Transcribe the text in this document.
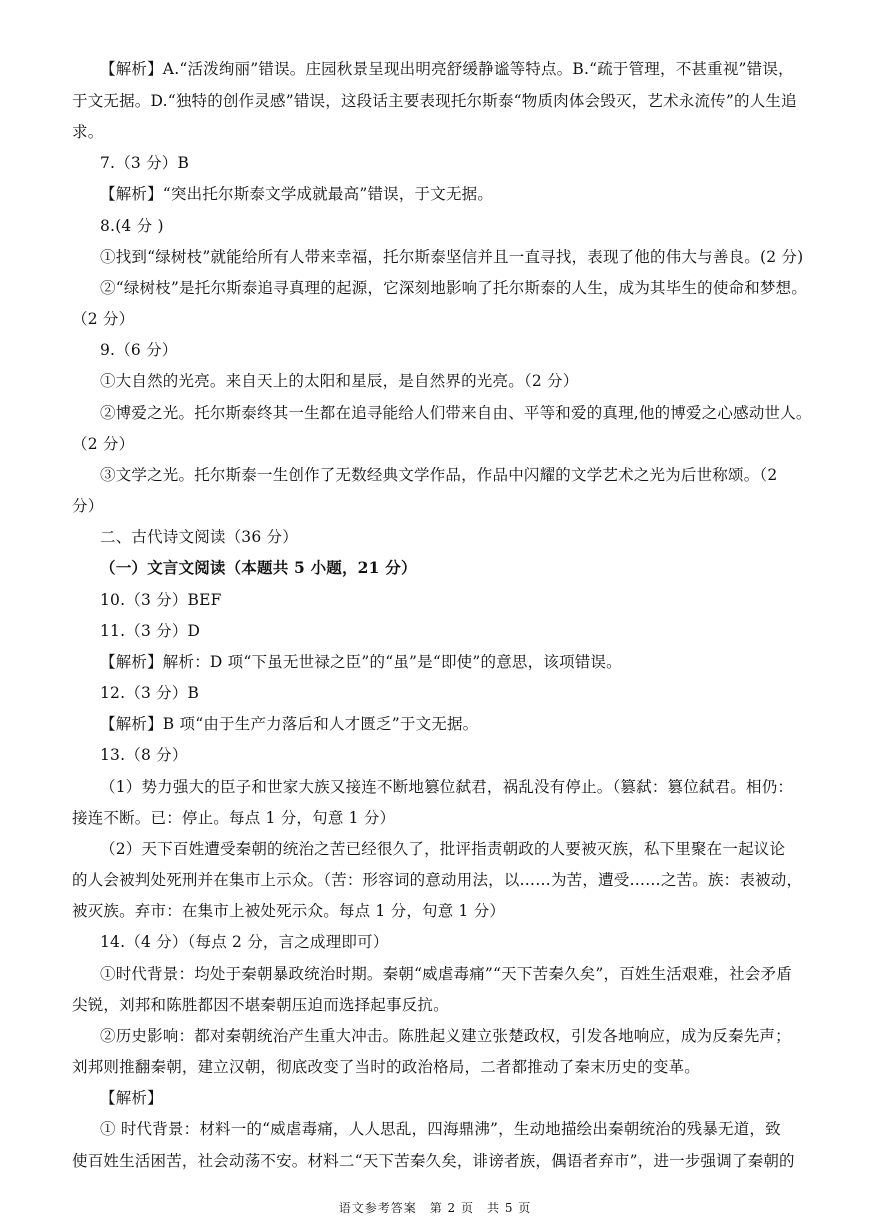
【解析】A.“活泼绚丽”错误。庄园秋景呈现出明亮舒缓静谧等特点。B.“疏于管理，不甚重视”错误，
于文无据。D.“独特的创作灵感”错误，这段话主要表现托尔斯泰“物质肉体会毁灭，艺术永流传”的人生追
求。
7.（3 分）B
【解析】“突出托尔斯泰文学成就最高”错误，于文无据。
8.(4 分 )
①找到“绿树枝”就能给所有人带来幸福，托尔斯泰坚信并且一直寻找，表现了他的伟大与善良。(2 分)
②“绿树枝”是托尔斯泰追寻真理的起源，它深刻地影响了托尔斯泰的人生，成为其毕生的使命和梦想。
（2 分）
9.（6 分）
①大自然的光亮。来自天上的太阳和星辰，是自然界的光亮。（2 分）
②博爱之光。托尔斯泰终其一生都在追寻能给人们带来自由、平等和爱的真理,他的博爱之心感动世人。
（2 分）
③文学之光。托尔斯泰一生创作了无数经典文学作品，作品中闪耀的文学艺术之光为后世称颂。（2
分）
二、古代诗文阅读（36 分）
（一）文言文阅读（本题共 5 小题，21 分）
10.（3 分）BEF
11.（3 分）D
【解析】解析：D 项“下虽无世禄之臣”的“虽”是“即使”的意思，该项错误。
12.（3 分）B
【解析】B 项“由于生产力落后和人才匮乏”于文无据。
13.（8 分）
（1）势力强大的臣子和世家大族又接连不断地篡位弑君，祸乱没有停止。（篡弑：篡位弑君。相仍：
接连不断。已：停止。每点 1 分，句意 1 分）
（2）天下百姓遭受秦朝的统治之苦已经很久了，批评指责朝政的人要被灭族，私下里聚在一起议论
的人会被判处死刑并在集市上示众。（苦：形容词的意动用法，以……为苦，遭受……之苦。族：表被动，
被灭族。弃市：在集市上被处死示众。每点 1 分，句意 1 分）
14.（4 分）（每点 2 分，言之成理即可）
①时代背景：均处于秦朝暴政统治时期。秦朝“威虐毒痛”“天下苦秦久矣”，百姓生活艰难，社会矛盾
尖锐，刘邦和陈胜都因不堪秦朝压迫而选择起事反抗。
②历史影响：都对秦朝统治产生重大冲击。陈胜起义建立张楚政权，引发各地响应，成为反秦先声；
刘邦则推翻秦朝，建立汉朝，彻底改变了当时的政治格局，二者都推动了秦末历史的变革。
【解析】
① 时代背景：材料一的“威虐毒痛，人人思乱，四海鼎沸”，生动地描绘出秦朝统治的残暴无道，致
使百姓生活困苦，社会动荡不安。材料二“天下苦秦久矣，诽谤者族，偶语者弃市”，进一步强调了秦朝的
语文参考答案　第 2 页　共 5 页
